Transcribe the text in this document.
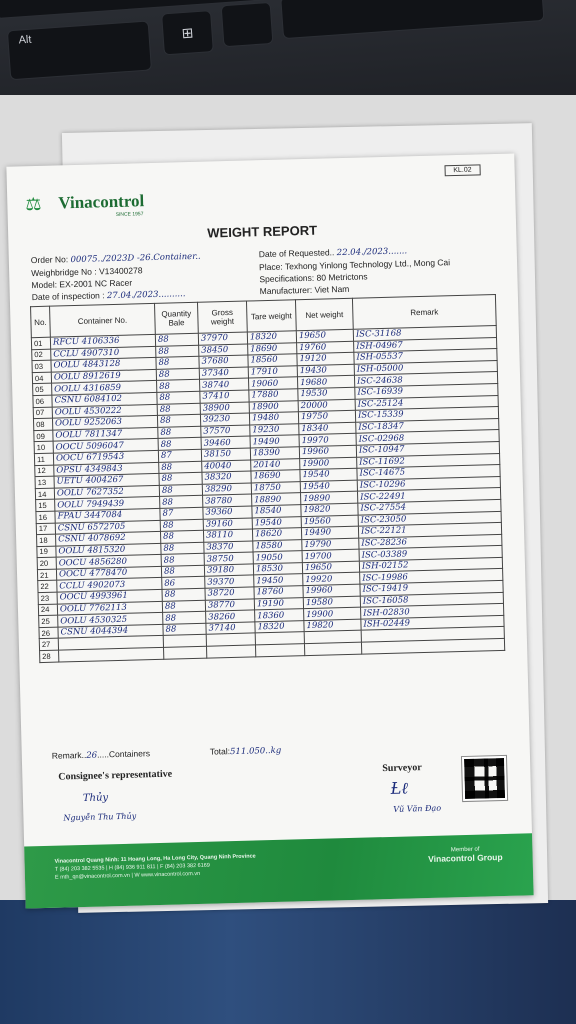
Alt	⊞
KL.02
⚖ Vinacontrol
SINCE 1957
WEIGHT REPORT
Order No: 00075../2023D -26.Container..
Weighbridge No : V13400278
Model: EX-2001 NC Racer
Date of inspection : 27.04./2023..........
Date of Requested.. 22.04./2023.......
Place: Texhong Yinlong Technology Ltd., Mong Cai
Specifications: 80 Metrictons
Manufacturer: Viet Nam
No.	Container No.	Quantity Bale	Gross weight	Tare weight	Net weight	Remark
01	RFCU 4106336	88	37970	18320	19650	ISC-31168
02	CCLU 4907310	88	38450	18690	19760	ISH-04967
03	OOLU 4843128	88	37680	18560	19120	ISH-05537
04	OOLU 8912619	88	37340	17910	19430	ISH-05000
05	OOLU 4316859	88	38740	19060	19680	ISC-24638
06	CSNU 6084102	88	37410	17880	19530	ISC-16939
07	OOLU 4530222	88	38900	18900	20000	ISC-25124
08	OOLU 9252063	88	39230	19480	19750	ISC-15339
09	OOLU 7811347	88	37570	19230	18340	ISC-18347
10	OOCU 5096047	88	39460	19490	19970	ISC-02968
11	OOCU 6719543	87	38150	18390	19960	ISC-10947
12	OPSU 4349843	88	40040	20140	19900	ISC-11692
13	UETU 4004267	88	38320	18690	19540	ISC-14675
14	OOLU 7627352	88	38290	18750	19540	ISC-10296
15	OOLU 7949439	88	38780	18890	19890	ISC-22491
16	FPAU 3447084	87	39360	18540	19820	ISC-27554
17	CSNU 6572705	88	39160	19540	19560	ISC-23050
18	CSNU 4078692	88	38110	18620	19490	ISC-22121
19	OOLU 4815320	88	38370	18580	19790	ISC-28236
20	OOCU 4856280	88	38750	19050	19700	ISC-03389
21	OOCU 4778470	88	39180	18530	19650	ISH-02152
22	CCLU 4902073	86	39370	19450	19920	ISC-19986
23	OOCU 4993961	88	38720	18760	19960	ISC-19419
24	OOLU 7762113	88	38770	19190	19580	ISC-16058
25	OOLU 4530325	88	38260	18360	19900	ISH-02830
26	CSNU 4044394	88	37140	18320	19820	ISH-02449
27						
28						
Remark..26.....Containers	Total:511.050..kg
Consignee's representative
Thủy
Nguyễn Thu Thủy
Surveyor
Ƚℓ
Vũ Văn Đạo
Vinacontrol Quang Ninh: 11 Hoang Long, Ha Long City, Quang Ninh Province
T (84) 203 382 5535 | H (84) 936 911 811 | F (84) 203 382 6169
E mth_qn@vinacontrol.com.vn | W www.vinacontrol.com.vn
Member of
Vinacontrol Group
